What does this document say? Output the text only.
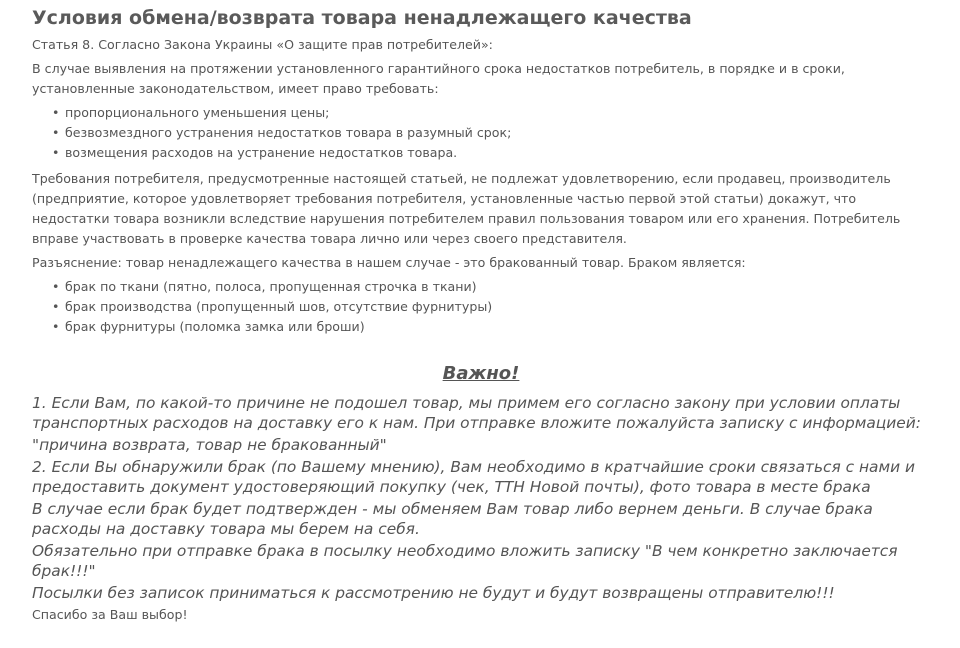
Условия обмена/возврата товара ненадлежащего качества

Статья 8. Согласно Закона Украины «О защите прав потребителей»:

В случае выявления на протяжении установленного гарантийного срока недостатков потребитель, в порядке и в сроки, установленные законодательством, имеет право требовать:

• пропорционального уменьшения цены;
• безвозмездного устранения недостатков товара в разумный срок;
• возмещения расходов на устранение недостатков товара.

Требования потребителя, предусмотренные настоящей статьей, не подлежат удовлетворению, если продавец, производитель (предприятие, которое удовлетворяет требования потребителя, установленные частью первой этой статьи) докажут, что недостатки товара возникли вследствие нарушения потребителем правил пользования товаром или его хранения. Потребитель вправе участвовать в проверке качества товара лично или через своего представителя.

Разъяснение: товар ненадлежащего качества в нашем случае - это бракованный товар. Браком является:

• брак по ткани (пятно, полоса, пропущенная строчка в ткани)
• брак производства (пропущенный шов, отсутствие фурнитуры)
• брак фурнитуры (поломка замка или броши)
Важно!

1. Если Вам, по какой-то причине не подошел товар, мы примем его согласно закону при условии оплаты транспортных расходов на доставку его к нам. При отправке вложите пожалуйста записку с информацией:

"причина возврата, товар не бракованный"

2. Если Вы обнаружили брак (по Вашему мнению), Вам необходимо в кратчайшие сроки связаться с нами и предоставить документ удостоверяющий покупку (чек, ТТН Новой почты), фото товара в месте брака

В случае если брак будет подтвержден - мы обменяем Вам товар либо вернем деньги. В случае брака расходы на доставку товара мы берем на себя.

Обязательно при отправке брака в посылку необходимо вложить записку "В чем конкретно заключается брак!!!"

Посылки без записок приниматься к рассмотрению не будут и будут возвращены отправителю!!!

Спасибо за Ваш выбор!
